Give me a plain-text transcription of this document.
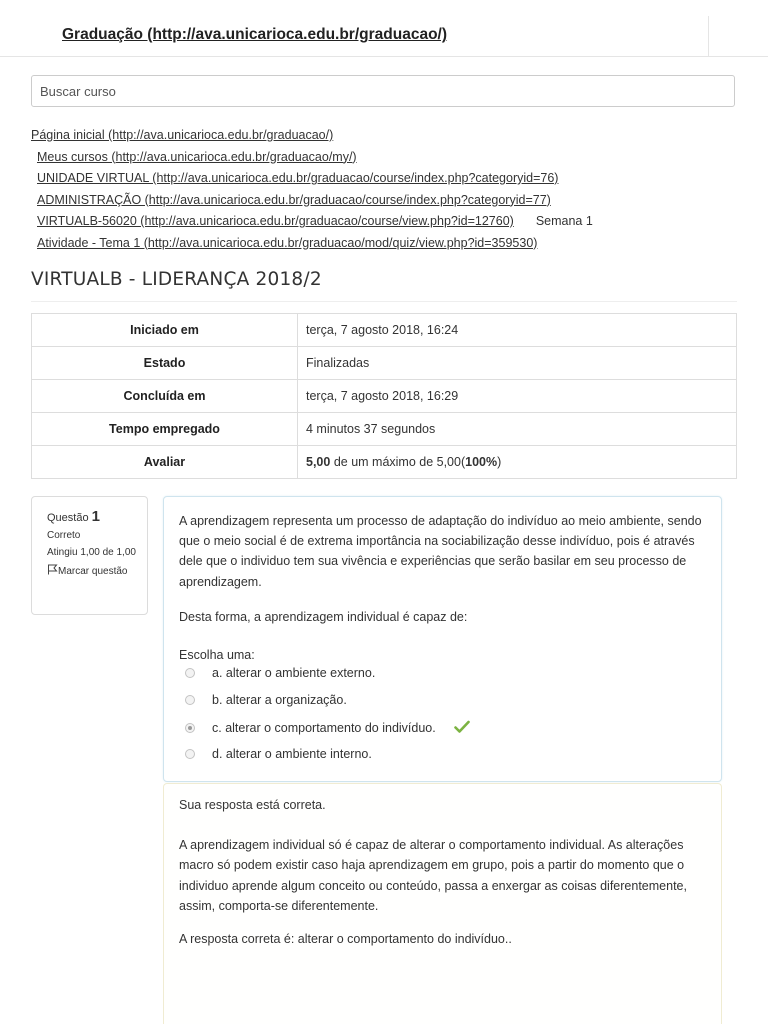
Graduação (http://ava.unicarioca.edu.br/graduacao/)
Buscar curso
Página inicial (http://ava.unicarioca.edu.br/graduacao/)
Meus cursos (http://ava.unicarioca.edu.br/graduacao/my/)
UNIDADE VIRTUAL (http://ava.unicarioca.edu.br/graduacao/course/index.php?categoryid=76)
ADMINISTRAÇÃO (http://ava.unicarioca.edu.br/graduacao/course/index.php?categoryid=77)
VIRTUALB-56020 (http://ava.unicarioca.edu.br/graduacao/course/view.php?id=12760) Semana 1
Atividade - Tema 1 (http://ava.unicarioca.edu.br/graduacao/mod/quiz/view.php?id=359530)
VIRTUALB - LIDERANÇA 2018/2
Iniciado em	terça, 7 agosto 2018, 16:24
Estado	Finalizadas
Concluída em	terça, 7 agosto 2018, 16:29
Tempo empregado	4 minutos 37 segundos
Avaliar	5,00 de um máximo de 5,00(100%)
Questão 1
Correto
Atingiu 1,00 de 1,00
Marcar questão

A aprendizagem representa um processo de adaptação do indivíduo ao meio ambiente, sendo que o meio social é de extrema importância na sociabilização desse indivíduo, pois é através dele que o individuo tem sua vivência e experiências que serão basilar em seu processo de aprendizagem.

Desta forma, a aprendizagem individual é capaz de:

Escolha uma:

a. alterar o ambiente externo.
b. alterar a organização.
c. alterar o comportamento do indivíduo.
d. alterar o ambiente interno.

Sua resposta está correta.

A aprendizagem individual só é capaz de alterar o comportamento individual. As alterações macro só podem existir caso haja aprendizagem em grupo, pois a partir do momento que o individuo aprende algum conceito ou conteúdo, passa a enxergar as coisas diferentemente, assim, comporta-se diferentemente.

A resposta correta é: alterar o comportamento do indivíduo..
